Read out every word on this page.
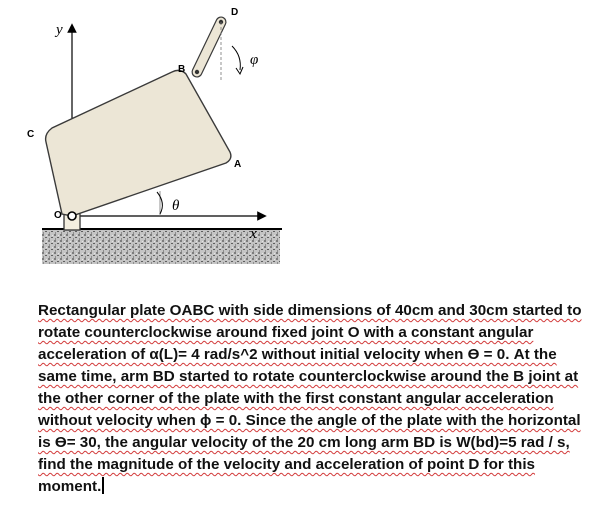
y
x
D
B
C
A
O
φ
θ
Rectangular plate OABC with side dimensions of 40cm and 30cm started to
rotate counterclockwise around fixed joint O with a constant angular
acceleration of α(L)= 4 rad/s^2 without initial velocity when ϴ = 0. At the
same time, arm BD started to rotate counterclockwise around the B joint at
the other corner of the plate with the first constant angular acceleration
without velocity when ϕ = 0. Since the angle of the plate with the horizontal
is ϴ= 30, the angular velocity of the 20 cm long arm BD is W(bd)=5 rad / s,
find the magnitude of the velocity and acceleration of point D for this
moment.
